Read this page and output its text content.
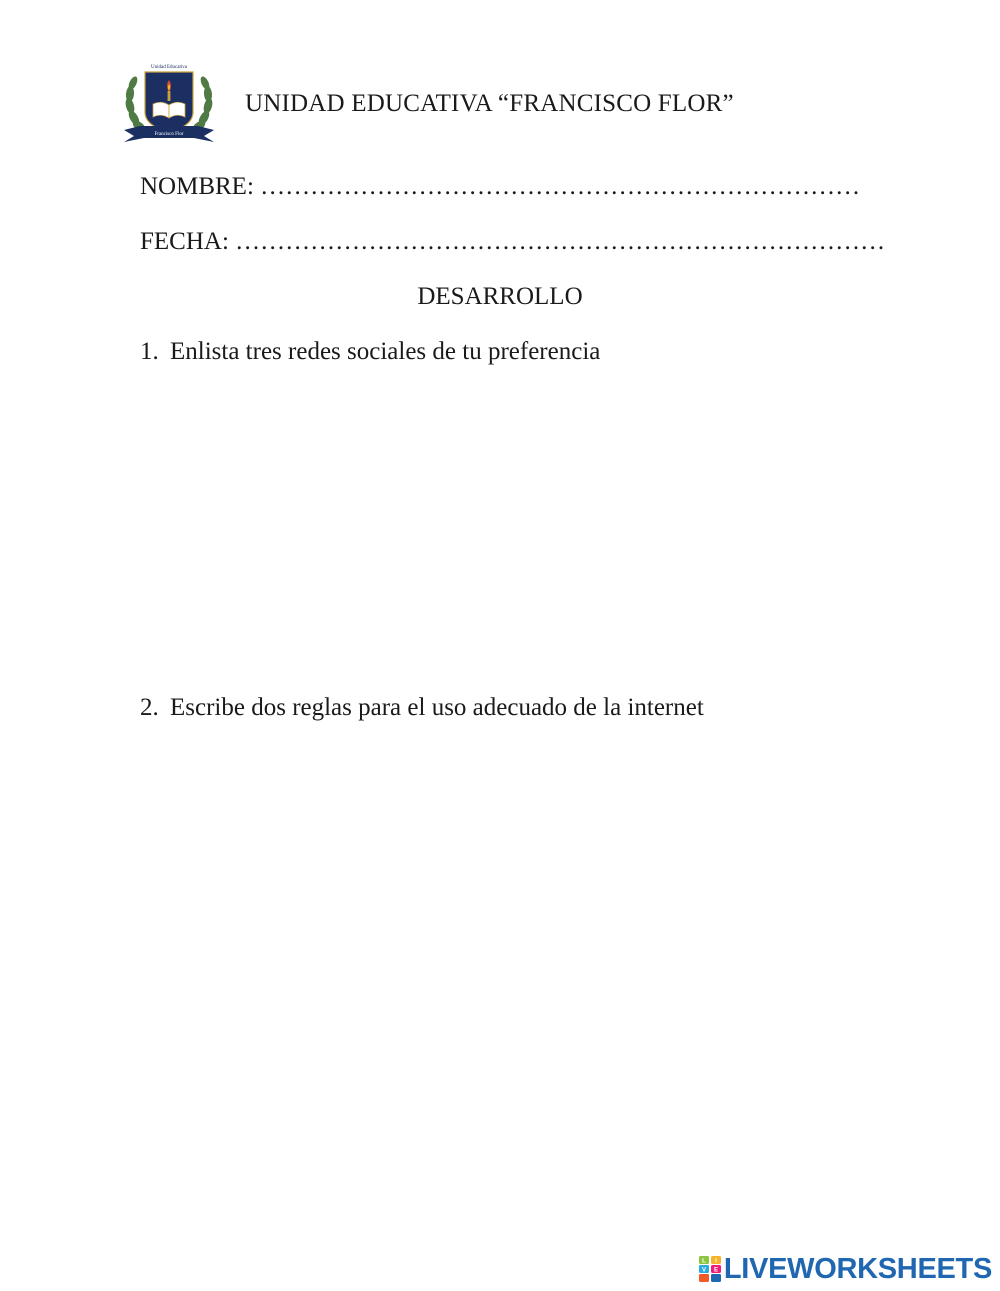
Unidad Educativa
Francisco Flor
UNIDAD EDUCATIVA “FRANCISCO FLOR”
NOMBRE: ………………………………………………………………
FECHA: ……………………………………………………………………
DESARROLLO
1. Enlista tres redes sociales de tu preferencia
2. Escribe dos reglas para el uso adecuado de la internet
L I
V E LIVEWORKSHEETS
